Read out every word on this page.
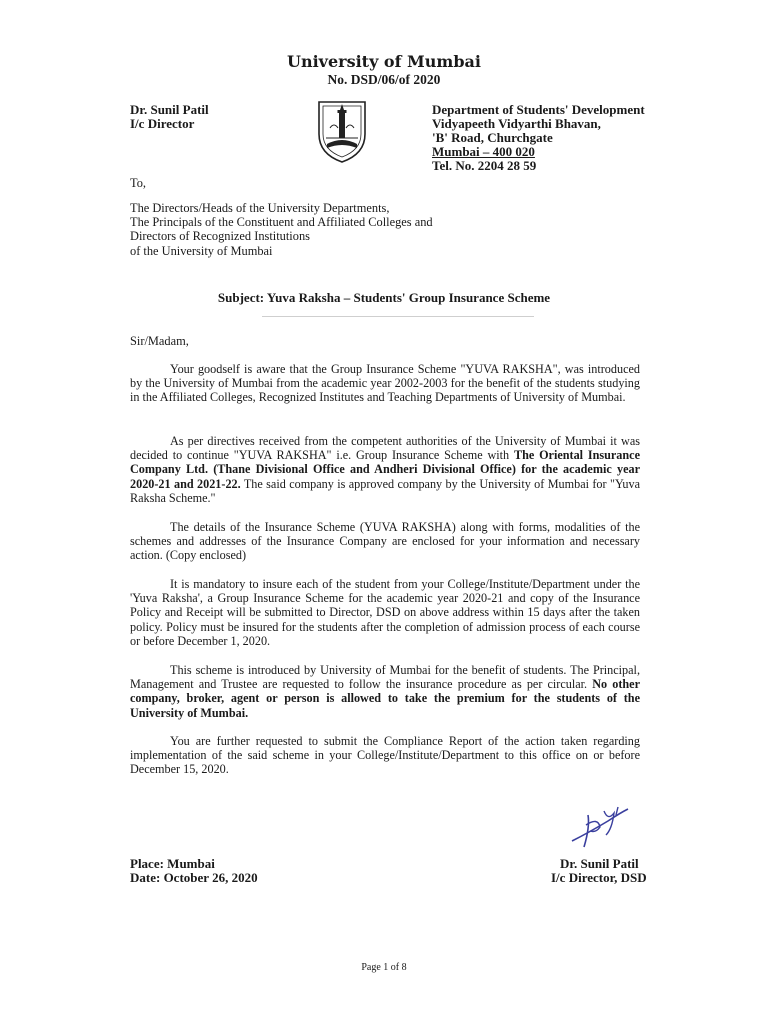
University of Mumbai
No. DSD/06/of 2020
Dr. Sunil Patil
I/c Director
Department of Students' Development
Vidyapeeth Vidyarthi Bhavan,
'B' Road, Churchgate
Mumbai – 400 020
Tel. No. 2204 28 59
To,
The Directors/Heads of the University Departments,
The Principals of the Constituent and Affiliated Colleges and
Directors of Recognized Institutions
of the University of Mumbai
Subject: Yuva Raksha – Students' Group Insurance Scheme
Sir/Madam,
Your goodself is aware that the Group Insurance Scheme "YUVA RAKSHA", was introduced by the University of Mumbai from the academic year 2002-2003 for the benefit of the students studying in the Affiliated Colleges, Recognized Institutes and Teaching Departments of University of Mumbai.
As per directives received from the competent authorities of the University of Mumbai it was decided to continue "YUVA RAKSHA" i.e. Group Insurance Scheme with The Oriental Insurance Company Ltd. (Thane Divisional Office and Andheri Divisional Office) for the academic year 2020-21 and 2021-22. The said company is approved company by the University of Mumbai for "Yuva Raksha Scheme."
The details of the Insurance Scheme (YUVA RAKSHA) along with forms, modalities of the schemes and addresses of the Insurance Company are enclosed for your information and necessary action. (Copy enclosed)
It is mandatory to insure each of the student from your College/Institute/Department under the 'Yuva Raksha', a Group Insurance Scheme for the academic year 2020-21 and copy of the Insurance Policy and Receipt will be submitted to Director, DSD on above address within 15 days after the taken policy. Policy must be insured for the students after the completion of admission process of each course or before December 1, 2020.
This scheme is introduced by University of Mumbai for the benefit of students. The Principal, Management and Trustee are requested to follow the insurance procedure as per circular. No other company, broker, agent or person is allowed to take the premium for the students of the University of Mumbai.
You are further requested to submit the Compliance Report of the action taken regarding implementation of the said scheme in your College/Institute/Department to this office on or before December 15, 2020.
Place: Mumbai
Date: October 26, 2020
Dr. Sunil Patil
I/c Director, DSD
Page 1 of 8
